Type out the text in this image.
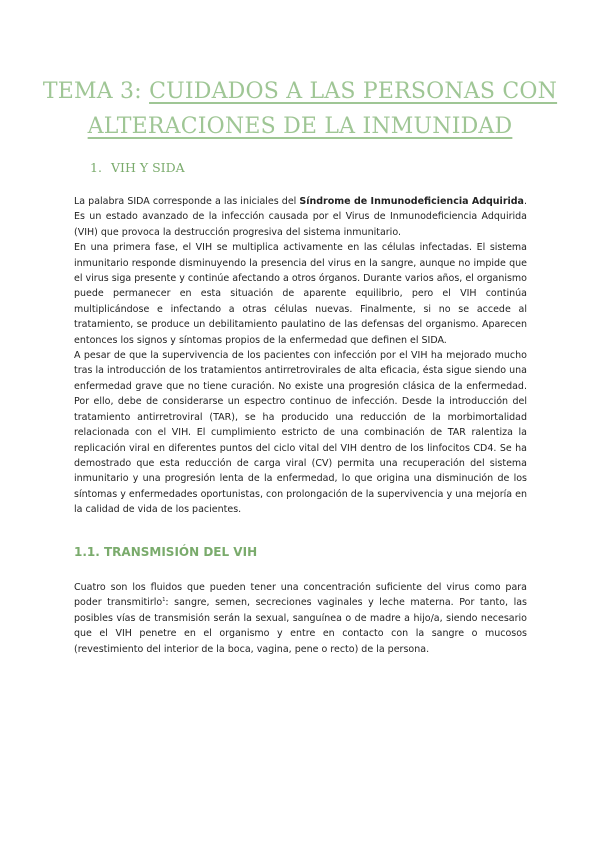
TEMA 3: CUIDADOS A LAS PERSONAS CON
ALTERACIONES DE LA INMUNIDAD
1. VIH Y SIDA

La palabra SIDA corresponde a las iniciales del Síndrome de Inmunodeficiencia Adquirida. Es un estado avanzado de la infección causada por el Virus de Inmunodeficiencia Adquirida (VIH) que provoca la destrucción progresiva del sistema inmunitario.

En una primera fase, el VIH se multiplica activamente en las células infectadas. El sistema inmunitario responde disminuyendo la presencia del virus en la sangre, aunque no impide que el virus siga presente y continúe afectando a otros órganos. Durante varios años, el organismo puede permanecer en esta situación de aparente equilibrio, pero el VIH continúa multiplicándose e infectando a otras células nuevas. Finalmente, si no se accede al tratamiento, se produce un debilitamiento paulatino de las defensas del organismo. Aparecen entonces los signos y síntomas propios de la enfermedad que definen el SIDA.

A pesar de que la supervivencia de los pacientes con infección por el VIH ha mejorado mucho tras la introducción de los tratamientos antirretrovirales de alta eficacia, ésta sigue siendo una enfermedad grave que no tiene curación. No existe una progresión clásica de la enfermedad. Por ello, debe de considerarse un espectro continuo de infección. Desde la introducción del tratamiento antirretroviral (TAR), se ha producido una reducción de la morbimortalidad relacionada con el VIH. El cumplimiento estricto de una combinación de TAR ralentiza la replicación viral en diferentes puntos del ciclo vital del VIH dentro de los linfocitos CD4. Se ha demostrado que esta reducción de carga viral (CV) permita una recuperación del sistema inmunitario y una progresión lenta de la enfermedad, lo que origina una disminución de los síntomas y enfermedades oportunistas, con prolongación de la supervivencia y una mejoría en la calidad de vida de los pacientes.

1.1. TRANSMISIÓN DEL VIH

Cuatro son los fluidos que pueden tener una concentración suficiente del virus como para poder transmitirlo$^1$: sangre, semen, secreciones vaginales y leche materna. Por tanto, las posibles vías de transmisión serán la sexual, sanguínea o de madre a hijo/a, siendo necesario que el VIH penetre en el organismo y entre en contacto con la sangre o mucosos (revestimiento del interior de la boca, vagina, pene o recto) de la persona.
